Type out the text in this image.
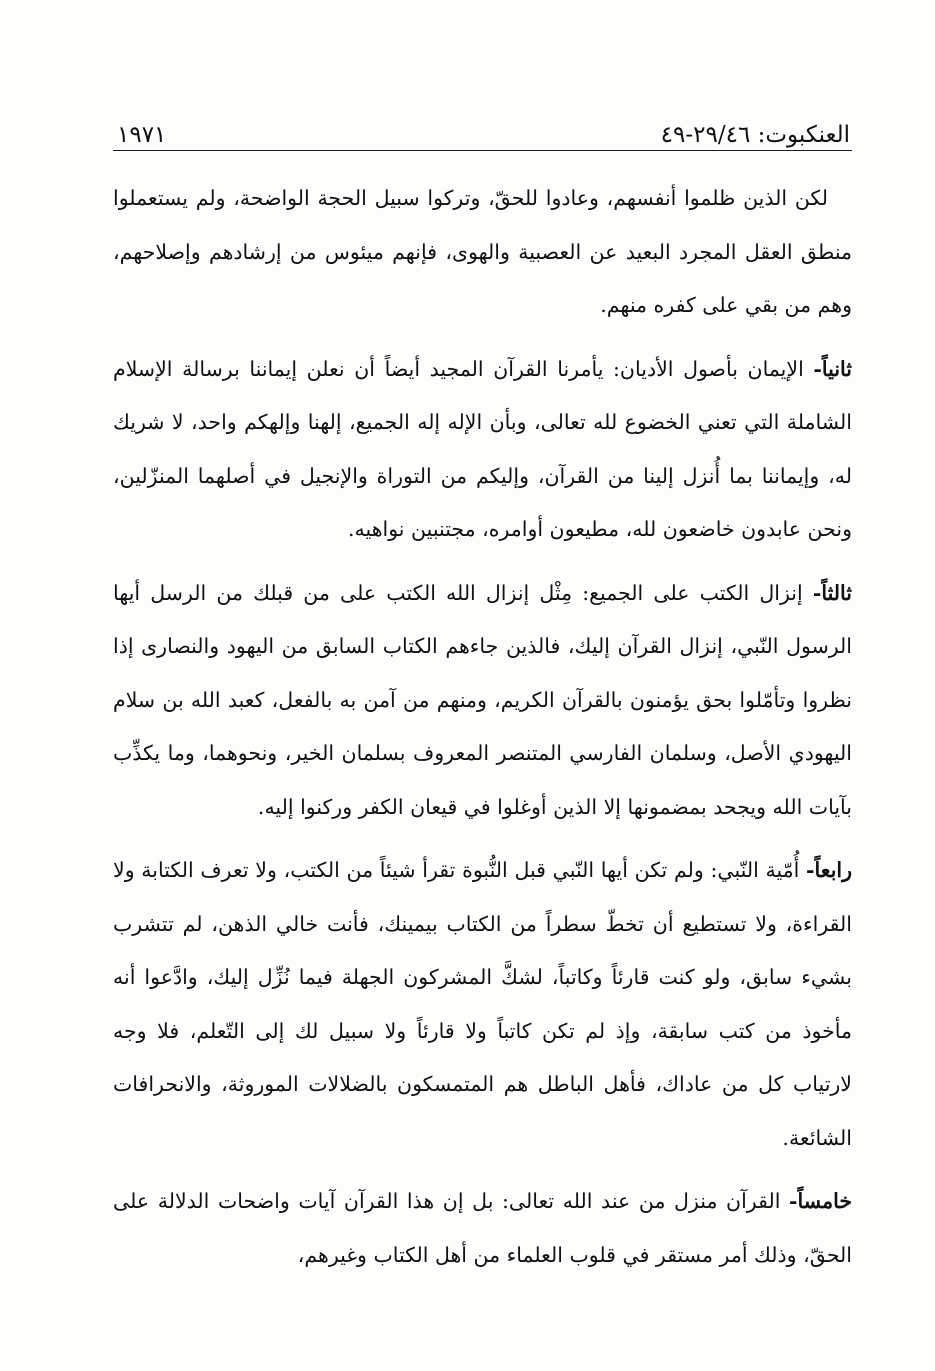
العنكبوت: ٢٩/٤٦-٤٩
١٩٧١

لكن الذين ظلموا أنفسهم، وعادوا للحقّ، وتركوا سبيل الحجة الواضحة، ولم يستعملوا منطق العقل المجرد البعيد عن العصبية والهوى، فإنهم ميئوس من إرشادهم وإصلاحهم، وهم من بقي على كفره منهم.

ثانياً- الإيمان بأصول الأديان: يأمرنا القرآن المجيد أيضاً أن نعلن إيماننا برسالة الإسلام الشاملة التي تعني الخضوع لله تعالى، وبأن الإله إله الجميع، إلهنا وإلهكم واحد، لا شريك له، وإيماننا بما أُنزل إلينا من القرآن، وإليكم من التوراة والإنجيل في أصلهما المنزّلين، ونحن عابدون خاضعون لله، مطيعون أوامره، مجتنبين نواهيه.

ثالثاً- إنزال الكتب على الجميع: مِثْل إنزال الله الكتب على من قبلك من الرسل أيها الرسول النّبي، إنزال القرآن إليك، فالذين جاءهم الكتاب السابق من اليهود والنصارى إذا نظروا وتأمّلوا بحق يؤمنون بالقرآن الكريم، ومنهم من آمن به بالفعل، كعبد الله بن سلام اليهودي الأصل، وسلمان الفارسي المتنصر المعروف بسلمان الخير، ونحوهما، وما يكذِّب بآيات الله ويجحد بمضمونها إلا الذين أوغلوا في قيعان الكفر وركنوا إليه.

رابعاً- أُمّية النّبي: ولم تكن أيها النّبي قبل النُّبوة تقرأ شيئاً من الكتب، ولا تعرف الكتابة ولا القراءة، ولا تستطيع أن تخطّ سطراً من الكتاب بيمينك، فأنت خالي الذهن، لم تتشرب بشيء سابق، ولو كنت قارئاً وكاتباً، لشكَّ المشركون الجهلة فيما نُزِّل إليك، وادَّعوا أنه مأخوذ من كتب سابقة، وإذ لم تكن كاتباً ولا قارئاً ولا سبيل لك إلى التّعلم، فلا وجه لارتياب كل من عاداك، فأهل الباطل هم المتمسكون بالضلالات الموروثة، والانحرافات الشائعة.

خامساً- القرآن منزل من عند الله تعالى: بل إن هذا القرآن آيات واضحات الدلالة على الحقّ، وذلك أمر مستقر في قلوب العلماء من أهل الكتاب وغيرهم،
